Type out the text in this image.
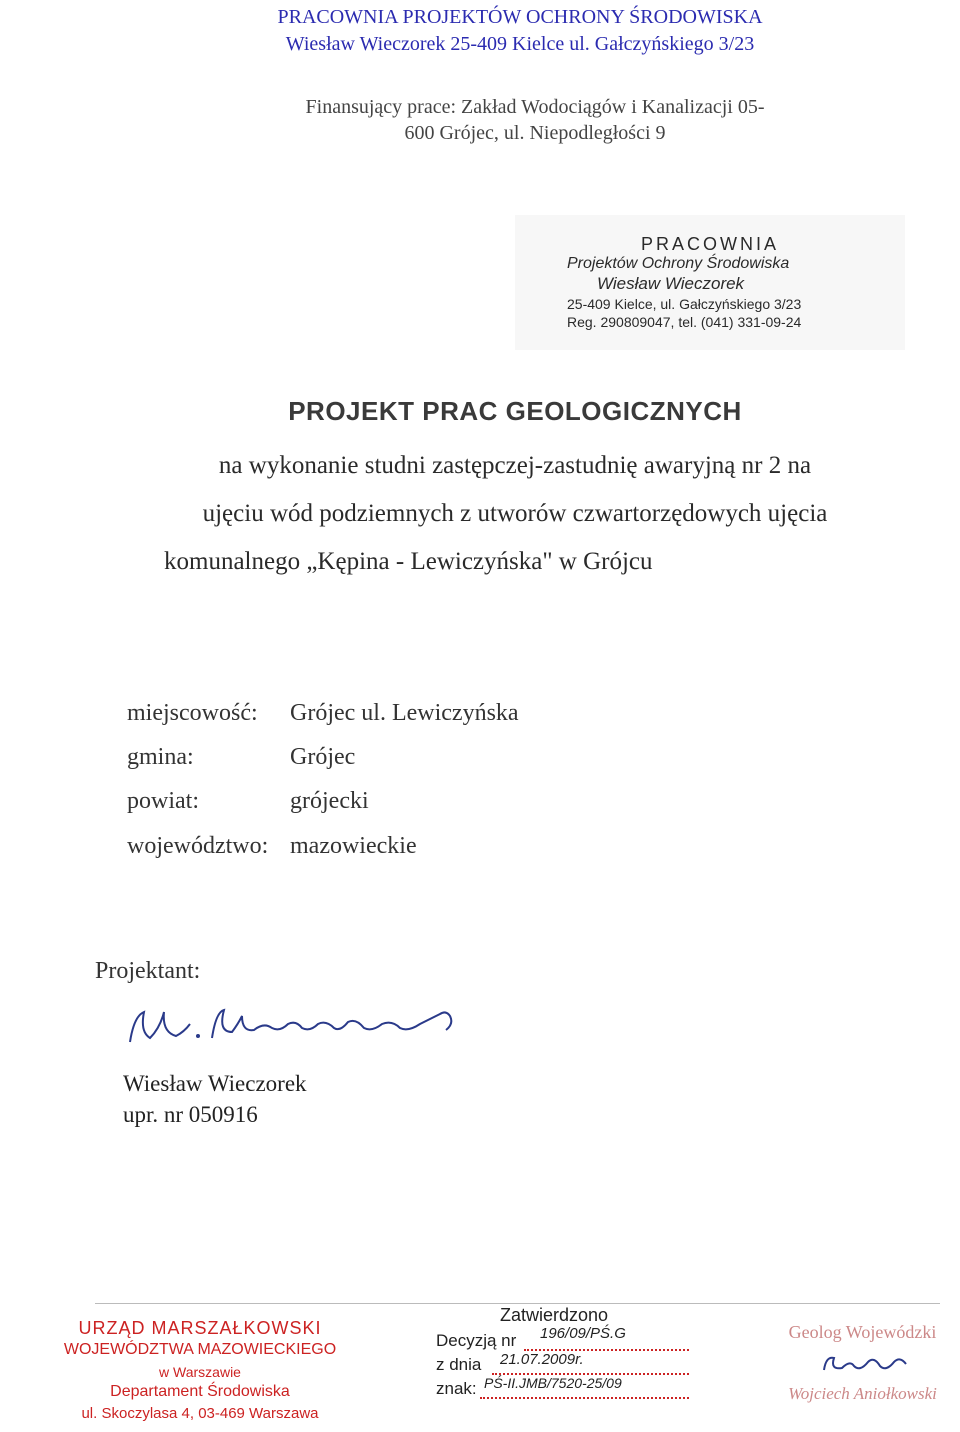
PRACOWNIA PROJEKTÓW OCHRONY ŚRODOWISKA
Wiesław Wieczorek 25-409 Kielce ul. Gałczyńskiego 3/23
Finansujący prace: Zakład Wodociągów i Kanalizacji 05-
600 Grójec, ul. Niepodległości 9
PRACOWNIA
Projektów Ochrony Środowiska
Wiesław Wieczorek
25-409 Kielce, ul. Gałczyńskiego 3/23
Reg. 290809047, tel. (041) 331-09-24
PROJEKT PRAC GEOLOGICZNYCH
na wykonanie studni zastępczej-zastudnię awaryjną nr 2 na
ujęciu wód podziemnych z utworów czwartorzędowych ujęcia
komunalnego „Kępina - Lewiczyńska" w Grójcu
miejscowość: Grójec ul. Lewiczyńska
gmina:	Grójec
powiat:	grójecki
województwo: mazowieckie
Projektant:
Wiesław Wieczorek
upr. nr 050916
URZĄD MARSZAŁKOWSKI
WOJEWÓDZTWA MAZOWIECKIEGO
w Warszawie
Departament Środowiska
ul. Skoczylasa 4, 03-469 Warszawa
Zatwierdzono
Decyzją nr 196/09/PŚ.G
z dnia 21.07.2009r.
znak: PŚ-II.JMB/7520-25/09
Geolog Wojewódzki
Wojciech Aniołkowski
